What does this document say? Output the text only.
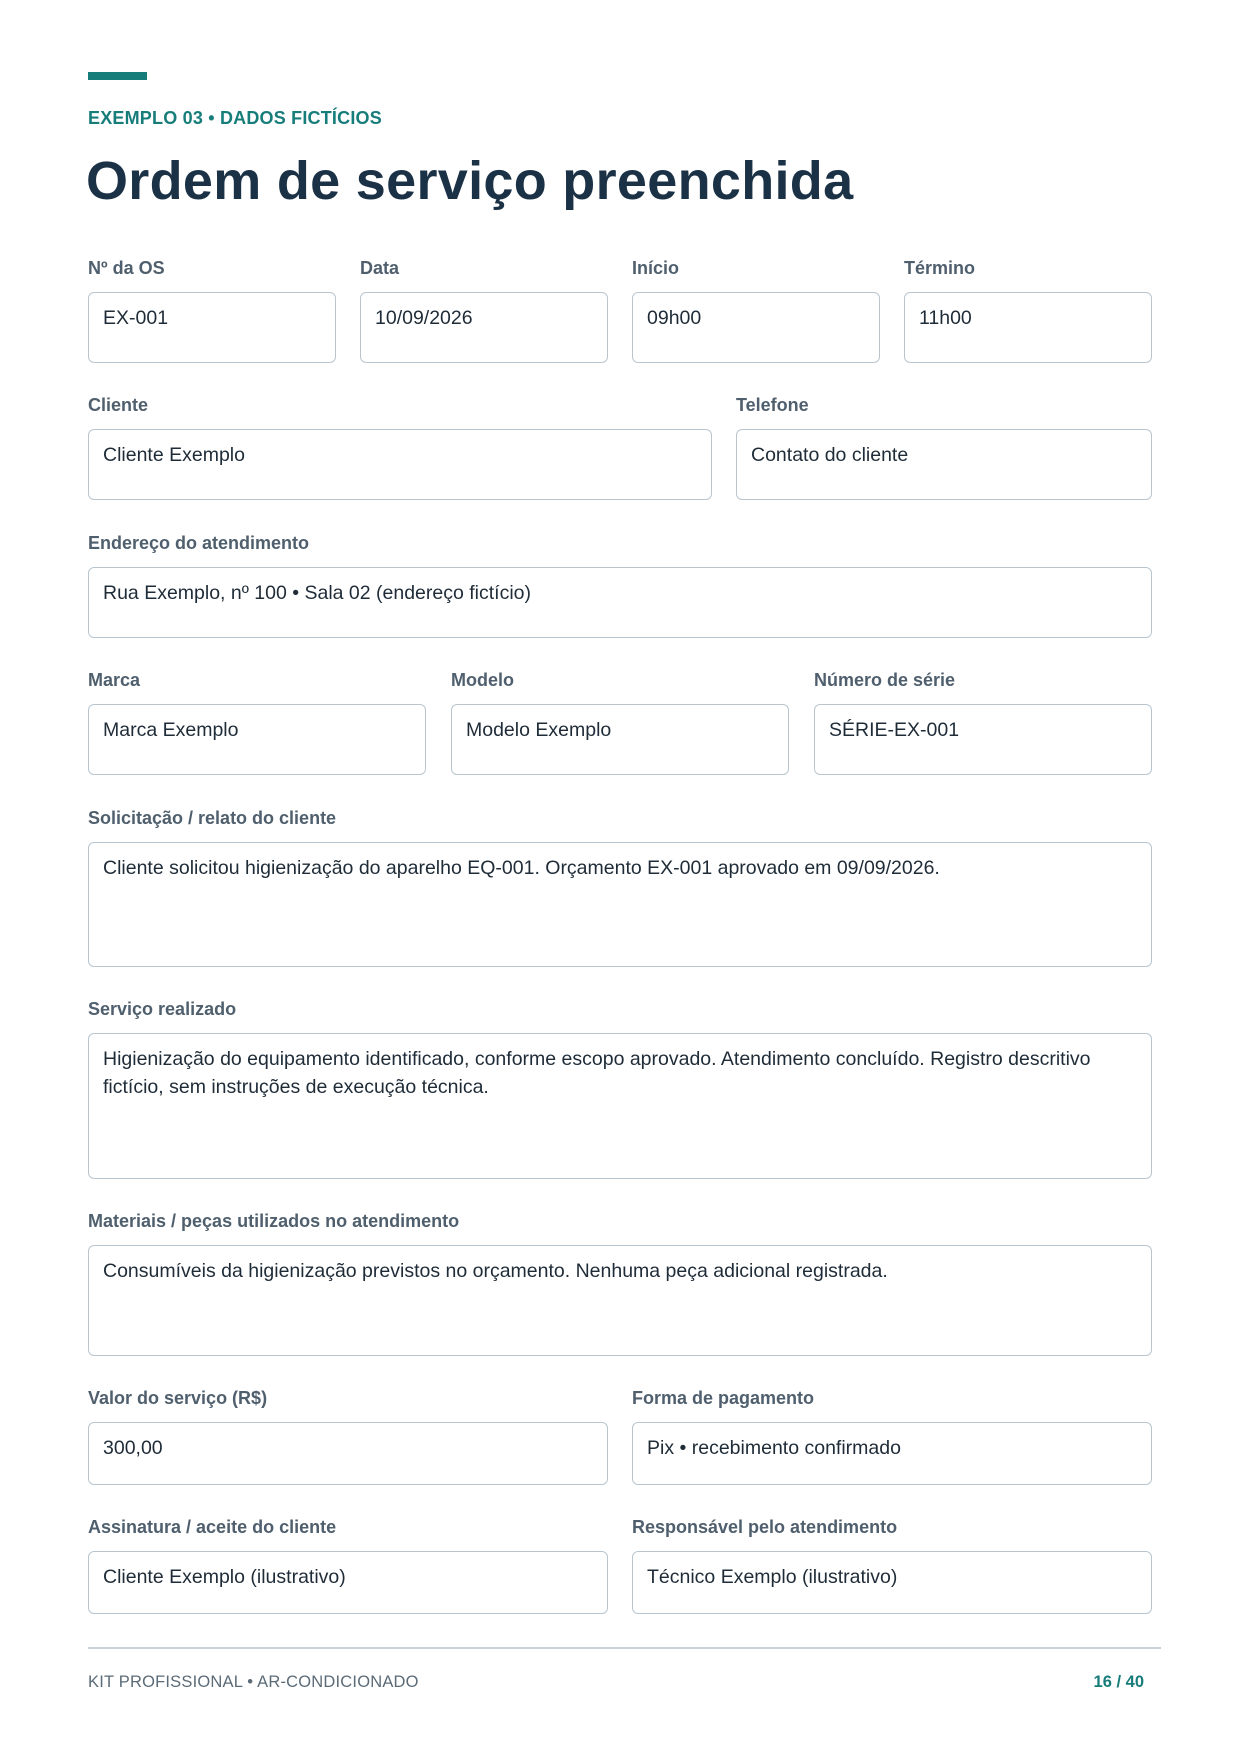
EXEMPLO 03 • DADOS FICTÍCIOS
Ordem de serviço preenchida
Nº da OS
EX-001
Data
10/09/2026
Início
09h00
Término
11h00
Cliente
Cliente Exemplo
Telefone
Contato do cliente
Endereço do atendimento
Rua Exemplo, nº 100 • Sala 02 (endereço fictício)
Marca
Marca Exemplo
Modelo
Modelo Exemplo
Número de série
SÉRIE-EX-001
Solicitação / relato do cliente
Cliente solicitou higienização do aparelho EQ-001. Orçamento EX-001 aprovado em 09/09/2026.
Serviço realizado
Higienização do equipamento identificado, conforme escopo aprovado. Atendimento concluído. Registro descritivo fictício, sem instruções de execução técnica.
Materiais / peças utilizados no atendimento
Consumíveis da higienização previstos no orçamento. Nenhuma peça adicional registrada.
Valor do serviço (R$)
300,00
Forma de pagamento
Pix • recebimento confirmado
Assinatura / aceite do cliente
Cliente Exemplo (ilustrativo)
Responsável pelo atendimento
Técnico Exemplo (ilustrativo)
KIT PROFISSIONAL • AR-CONDICIONADO	16 / 40
